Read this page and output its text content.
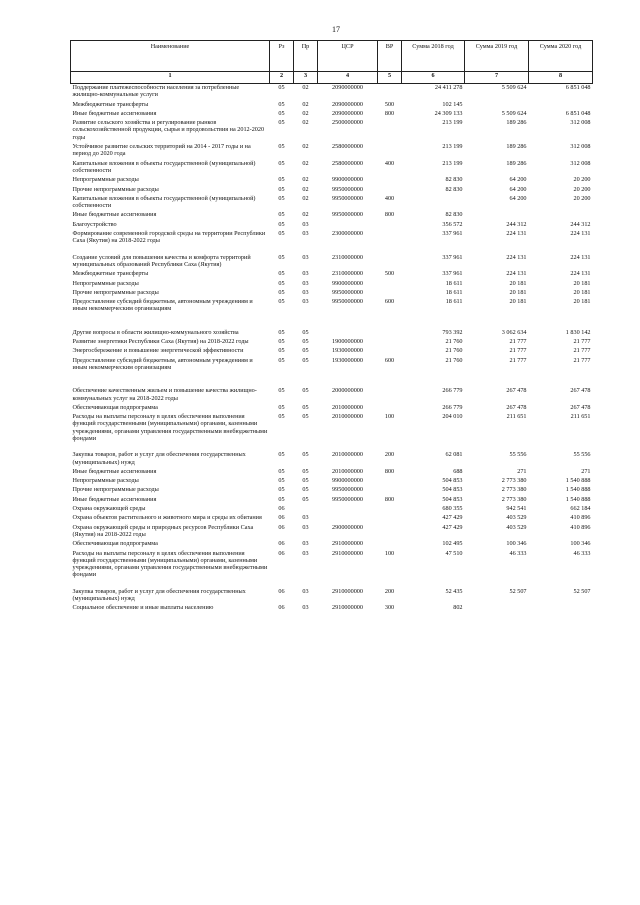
17
Наименование	Рз	Пр	ЦСР	ВР	Сумма 2018 год	Сумма 2019 год	Сумма 2020 год
1	2	3	4	5	6	7	8
Поддержание платежеспособности населения за потребленные жилищно-коммунальные услуги	05	02	2090000000		24 411 278	5 509 624	6 851 048
Межбюджетные трансферты	05	02	2090000000	500	102 145		
Иные бюджетные ассигнования	05	02	2090000000	800	24 309 133	5 509 624	6 851 048
Развитие сельского хозяйства и регулирование рынков сельскохозяйственной продукции, сырья и продовольствия на 2012-2020 годы	05	02	2500000000		213 199	189 286	312 008
Устойчивое развитие сельских территорий на 2014 - 2017 годы и на период до 2020 года	05	02	2580000000		213 199	189 286	312 008
Капитальные вложения в объекты государственной (муниципальной) собственности	05	02	2580000000	400	213 199	189 286	312 008
Непрограммные расходы	05	02	9900000000		82 830	64 200	20 200
Прочие непрограммные расходы	05	02	9950000000		82 830	64 200	20 200
Капитальные вложения в объекты государственной (муниципальной) собственности	05	02	9950000000	400		64 200	20 200
Иные бюджетные ассигнования	05	02	9950000000	800	82 830		
Благоустройство	05	03			356 572	244 312	244 312
Формирование современной городской среды на территории Республики Саха (Якутия) на 2018-2022 годы	05	03	2300000000		337 961	224 131	224 131
Создание условий для повышения качества и комфорта территорий муниципальных образований Республики Саха (Якутия)	05	03	2310000000		337 961	224 131	224 131
Межбюджетные трансферты	05	03	2310000000	500	337 961	224 131	224 131
Непрограммные расходы	05	03	9900000000		18 611	20 181	20 181
Прочие непрограммные расходы	05	03	9950000000		18 611	20 181	20 181
Предоставление субсидий бюджетным, автономным учреждениям и иным некоммерческим организациям	05	03	9950000000	600	18 611	20 181	20 181
Другие вопросы в области жилищно-коммунального хозяйства	05	05			793 392	3 062 634	1 830 142
Развитие энергетики Республики Саха (Якутия) на 2018-2022 годы	05	05	1900000000		21 760	21 777	21 777
Энергосбережение и повышение энергетической эффективности	05	05	1930000000		21 760	21 777	21 777
Предоставление субсидий бюджетным, автономным учреждениям и иным некоммерческим организациям	05	05	1930000000	600	21 760	21 777	21 777
Обеспечение качественным жильем и повышение качества жилищно-коммунальных услуг на 2018-2022 годы	05	05	2000000000		266 779	267 478	267 478
Обеспечивающая подпрограмма	05	05	2010000000		266 779	267 478	267 478
Расходы на выплаты персоналу в целях обеспечения выполнения функций государственными (муниципальными) органами, казенными учреждениями, органами управления государственными внебюджетными фондами	05	05	2010000000	100	204 010	211 651	211 651
Закупка товаров, работ и услуг для обеспечения государственных (муниципальных) нужд	05	05	2010000000	200	62 081	55 556	55 556
Иные бюджетные ассигнования	05	05	2010000000	800	688	271	271
Непрограммные расходы	05	05	9900000000		504 853	2 773 380	1 540 888
Прочие непрограммные расходы	05	05	9950000000		504 853	2 773 380	1 540 888
Иные бюджетные ассигнования	05	05	9950000000	800	504 853	2 773 380	1 540 888
Охрана окружающей среды	06				680 355	942 541	662 184
Охрана объектов растительного и животного мира и среды их обитания	06	03			427 429	403 529	410 896
Охрана окружающей среды и природных ресурсов Республики Саха (Якутия) на 2018-2022 годы	06	03	2900000000		427 429	403 529	410 896
Обеспечивающая подпрограмма	06	03	2910000000		102 495	100 346	100 346
Расходы на выплаты персоналу в целях обеспечения выполнения функций государственными (муниципальными) органами, казенными учреждениями, органами управления государственными внебюджетными фондами	06	03	2910000000	100	47 510	46 333	46 333
Закупка товаров, работ и услуг для обеспечения государственных (муниципальных) нужд	06	03	2910000000	200	52 435	52 507	52 507
Социальное обеспечение и иные выплаты населению	06	03	2910000000	300	802		
